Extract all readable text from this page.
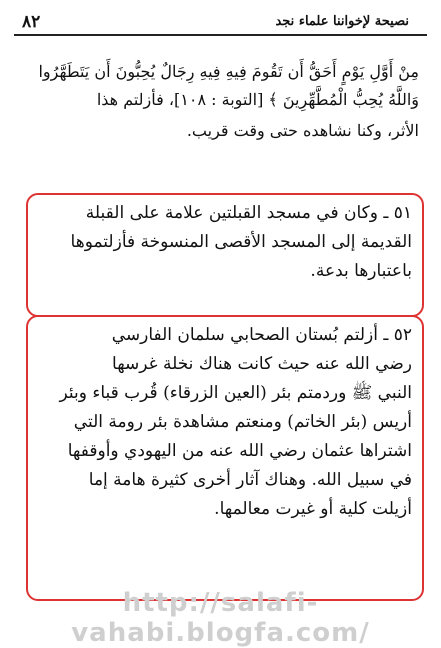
٨٢	نصيحة لإخواننا علماء نجد
مِنْ أَوَّلِ يَوْمٍ أَحَقُّ أَن تَقُومَ فِيهِ فِيهِ رِجَالٌ يُحِبُّونَ أَن يَتَطَهَّرُوا
وَاللَّهُ يُحِبُّ الْمُطَّهِّرِينَ ﴾ [التوبة : ١٠٨]، فأزلتم هذا
الأثر، وكنا نشاهده حتى وقت قريب.
٥١ ـ وكان في مسجد القبلتين علامة على القبلة
القديمة إلى المسجد الأقصى المنسوخة فأزلتموها
باعتبارها بدعة.
٥٢ ـ أزلتم بُستان الصحابي سلمان الفارسي
رضي الله عنه حيث كانت هناك نخلة غرسها
النبي ﷺ وردمتم بئر (العين الزرقاء) قُرب قباء وبئر
أريس (بئر الخاتم) ومنعتم مشاهدة بئر رومة التي
اشتراها عثمان رضي الله عنه من اليهودي وأوقفها
في سبيل الله. وهناك آثار أخرى كثيرة هامة إما
أزيلت كلية أو غيرت معالمها.
http://salafi-vahabi.blogfa.com/
